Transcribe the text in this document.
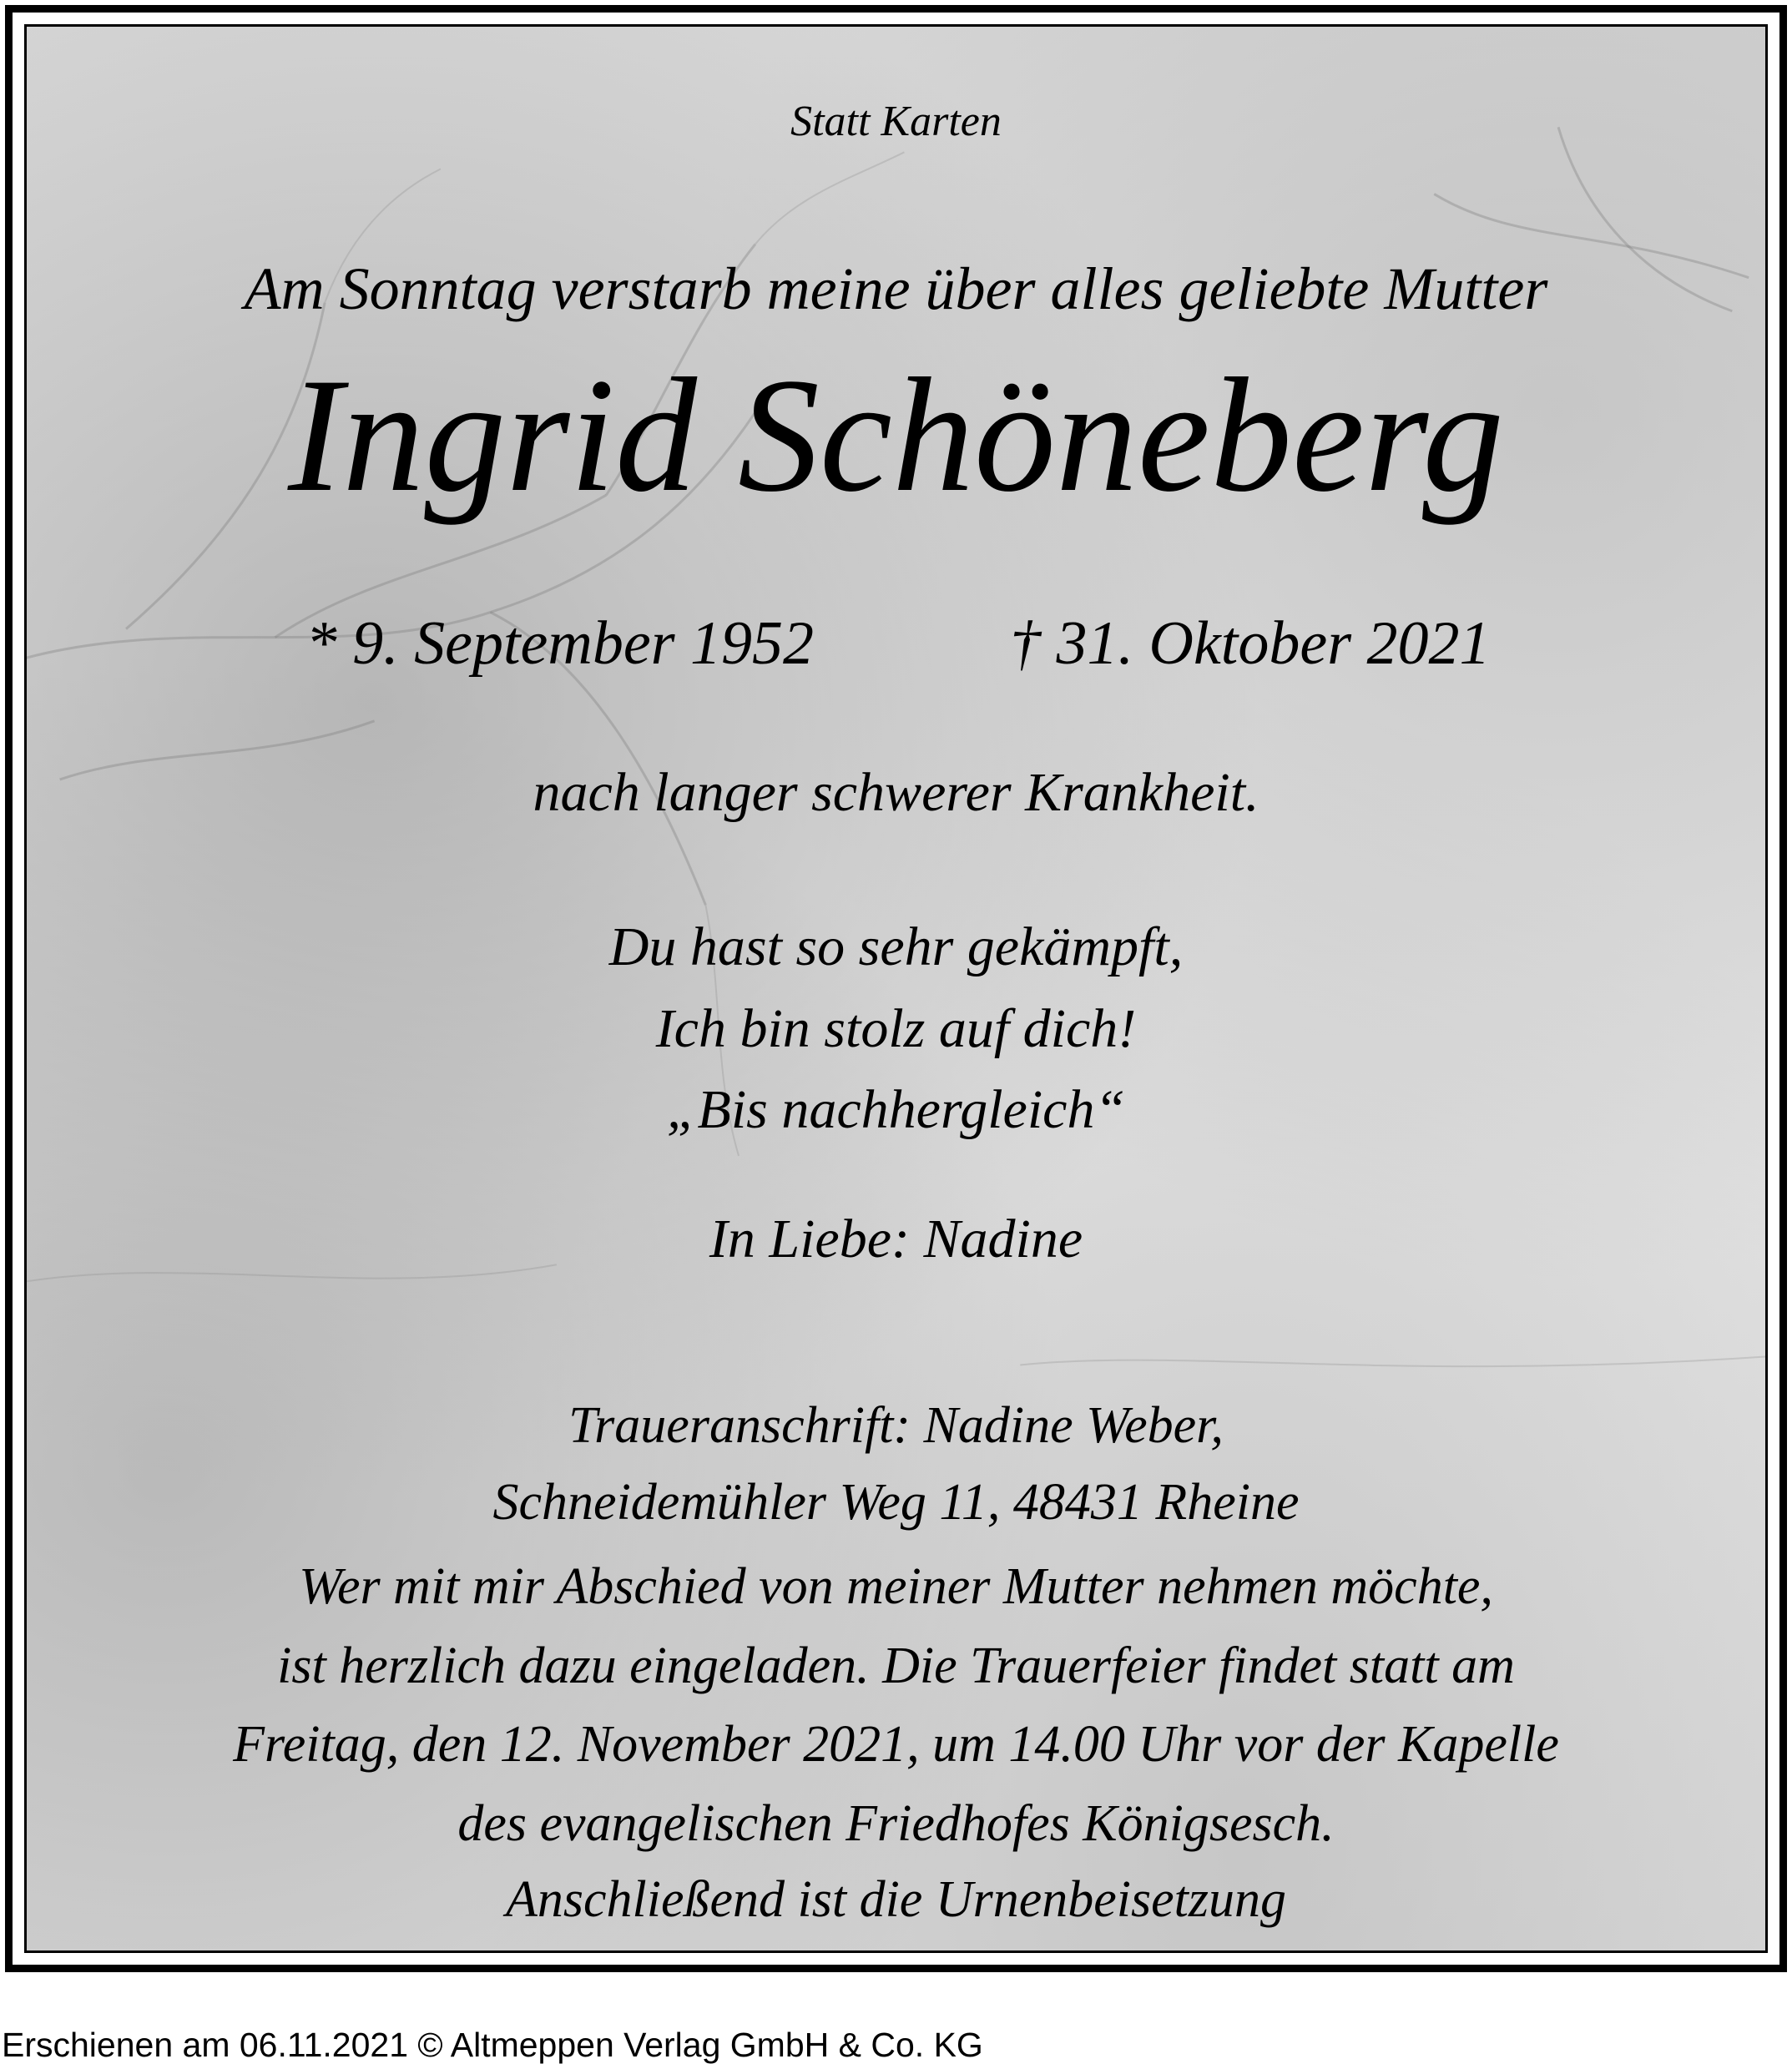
Statt Karten
Am Sonntag verstarb meine über alles geliebte Mutter
Ingrid Schöneberg
* 9. September 1952	† 31. Oktober 2021
nach langer schwerer Krankheit.
Du hast so sehr gekämpft,
Ich bin stolz auf dich!
„Bis nachhergleich“
In Liebe: Nadine
Traueranschrift: Nadine Weber,
Schneidemühler Weg 11, 48431 Rheine
Wer mit mir Abschied von meiner Mutter nehmen möchte,
ist herzlich dazu eingeladen. Die Trauerfeier findet statt am
Freitag, den 12. November 2021, um 14.00 Uhr vor der Kapelle
des evangelischen Friedhofes Königsesch.
Anschließend ist die Urnenbeisetzung
Erschienen am 06.11.2021 © Altmeppen Verlag GmbH & Co. KG
